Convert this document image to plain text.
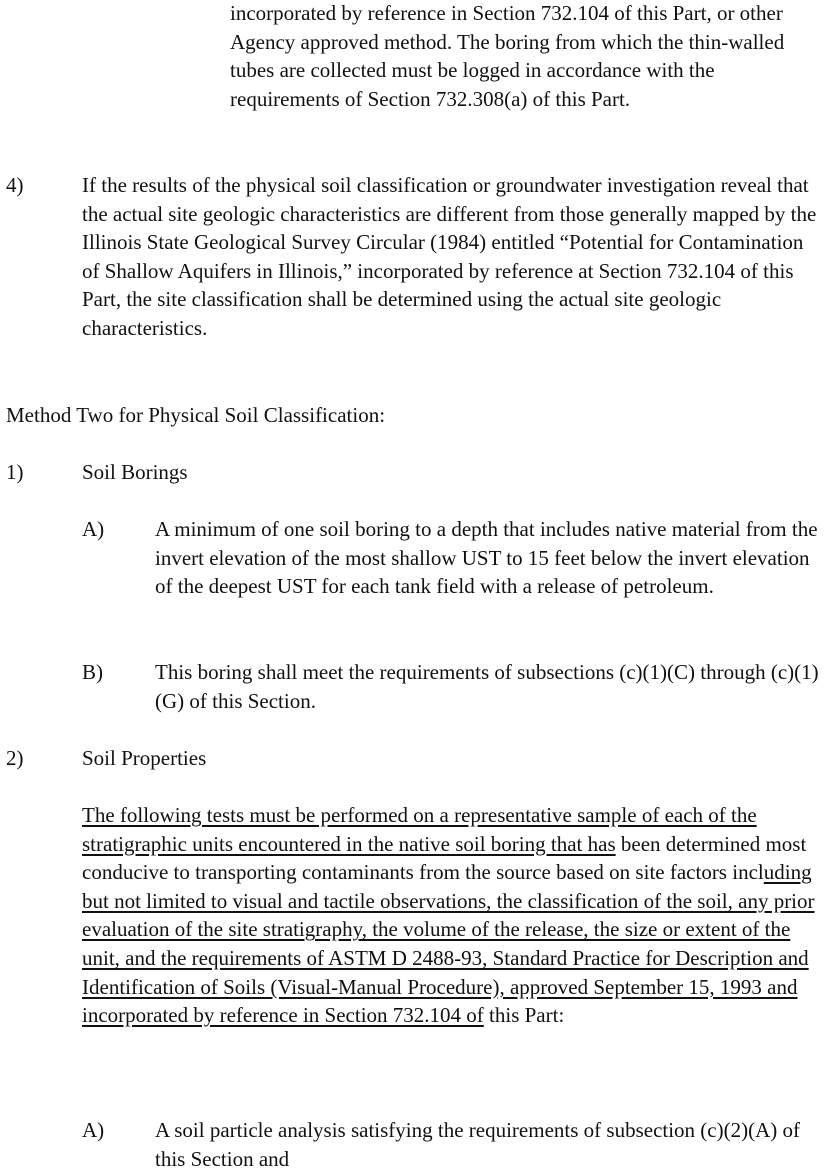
incorporated by reference in Section 732.104 of this Part, or other Agency approved method. The boring from which the thin-walled tubes are collected must be logged in accordance with the requirements of Section 732.308(a) of this Part.

4)	If the results of the physical soil classification or groundwater investigation reveal that the actual site geologic characteristics are different from those generally mapped by the Illinois State Geological Survey Circular (1984) entitled “Potential for Contamination of Shallow Aquifers in Illinois,” incorporated by reference at Section 732.104 of this Part, the site classification shall be determined using the actual site geologic characteristics.

Method Two for Physical Soil Classification:

1)	Soil Borings
A) A minimum of one soil boring to a depth that includes native material from the invert elevation of the most shallow UST to 15 feet below the invert elevation of the deepest UST for each tank field with a release of petroleum.

B) This boring shall meet the requirements of subsections (c)(1)(C) through (c)(1)(G) of this Section.

2)	Soil Properties

The following tests must be performed on a representative sample of each of the stratigraphic units encountered in the native soil boring that has been determined most conducive to transporting contaminants from the source based on site factors including but not limited to visual and tactile observations, the classification of the soil, any prior evaluation of the site stratigraphy, the volume of the release, the size or extent of the unit, and the requirements of ASTM D 2488-93, Standard Practice for Description and Identification of Soils (Visual-Manual Procedure), approved September 15, 1993 and incorporated by reference in Section 732.104 of this Part:

A) A soil particle analysis satisfying the requirements of subsection (c)(2)(A) of this Section and
